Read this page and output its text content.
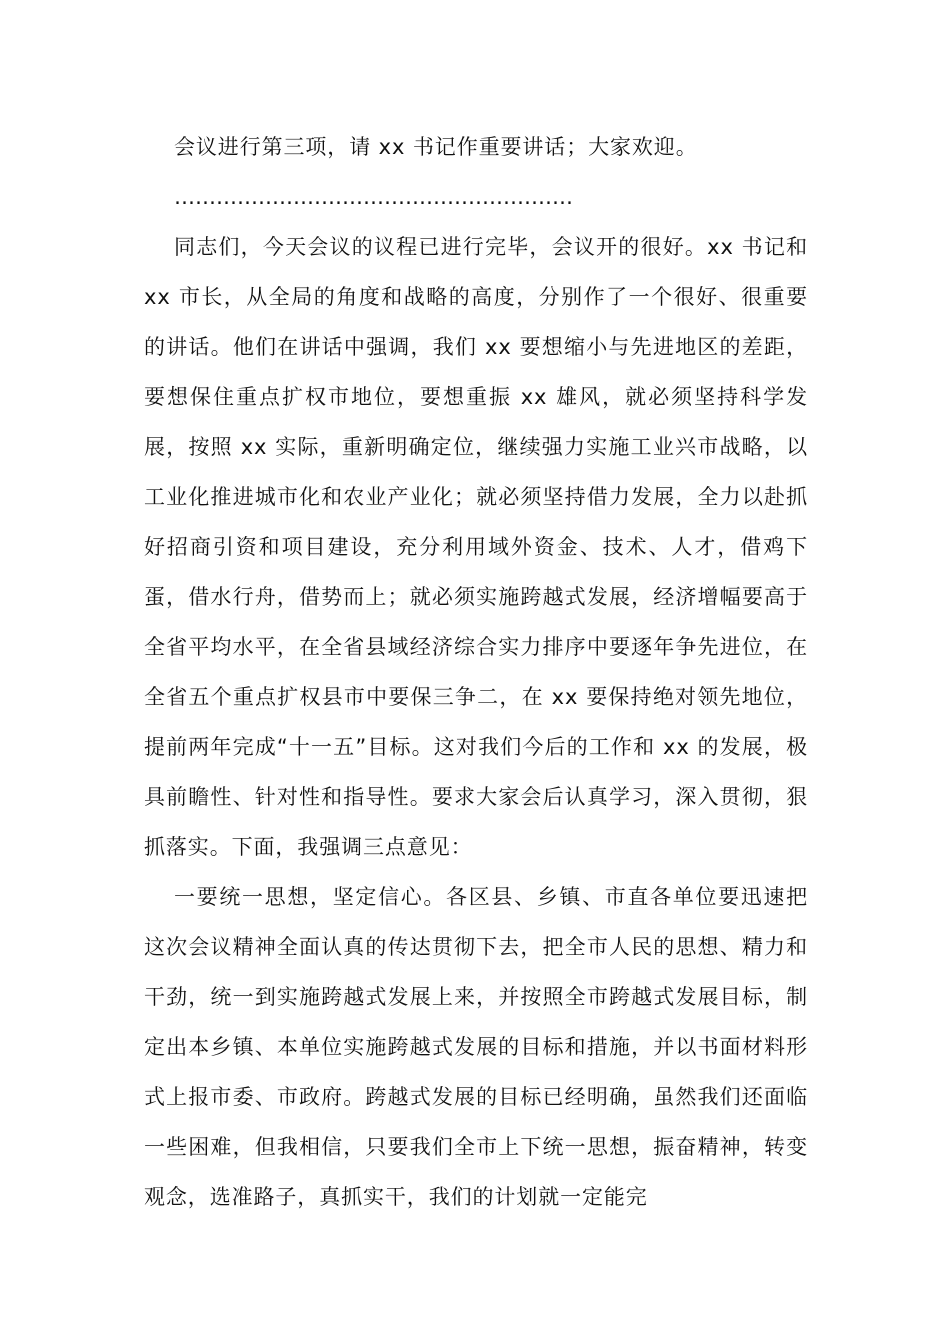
会议进行第三项，请 xx 书记作重要讲话；大家欢迎。

…………………………………………………

同志们，今天会议的议程已进行完毕，会议开的很好。xx 书记和 xx 市长，从全局的角度和战略的高度，分别作了一个很好、很重要的讲话。他们在讲话中强调，我们 xx 要想缩小与先进地区的差距，要想保住重点扩权市地位，要想重振 xx 雄风，就必须坚持科学发展，按照 xx 实际，重新明确定位，继续强力实施工业兴市战略，以工业化推进城市化和农业产业化；就必须坚持借力发展，全力以赴抓好招商引资和项目建设，充分利用域外资金、技术、人才，借鸡下蛋，借水行舟，借势而上；就必须实施跨越式发展，经济增幅要高于全省平均水平，在全省县域经济综合实力排序中要逐年争先进位，在全省五个重点扩权县市中要保三争二，在 xx 要保持绝对领先地位，提前两年完成“十一五”目标。这对我们今后的工作和 xx 的发展，极具前瞻性、针对性和指导性。要求大家会后认真学习，深入贯彻，狠抓落实。下面，我强调三点意见：

一要统一思想，坚定信心。各区县、乡镇、市直各单位要迅速把这次会议精神全面认真的传达贯彻下去，把全市人民的思想、精力和干劲，统一到实施跨越式发展上来，并按照全市跨越式发展目标，制定出本乡镇、本单位实施跨越式发展的目标和措施，并以书面材料形式上报市委、市政府。跨越式发展的目标已经明确，虽然我们还面临一些困难，但我相信，只要我们全市上下统一思想，振奋精神，转变观念，选准路子，真抓实干，我们的计划就一定能完
